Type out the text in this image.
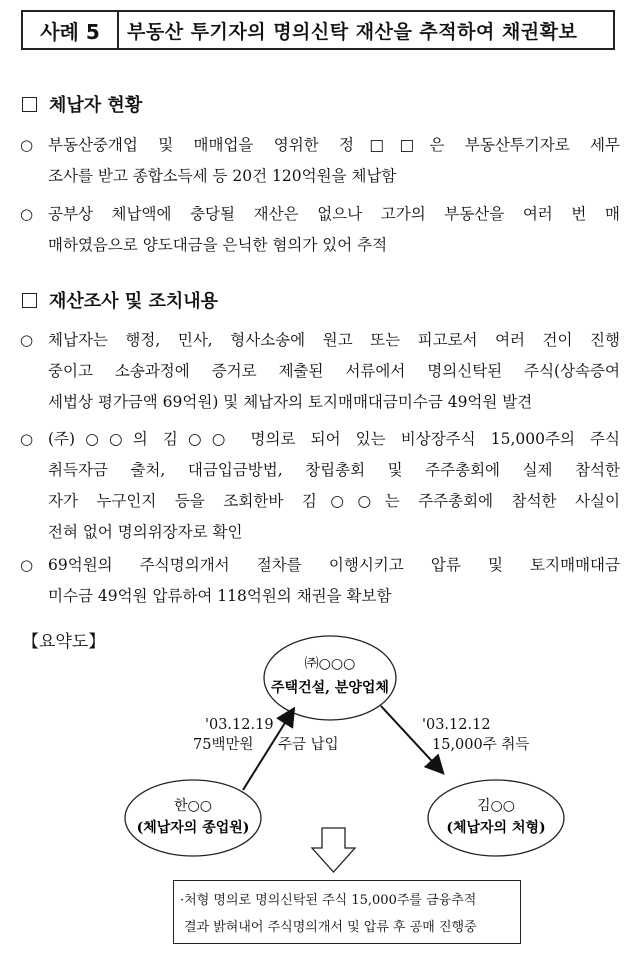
사례 5	부동산 투기자의 명의신탁 재산을 추적하여 채권확보
체납자 현황
○ 부동산중개업 및 매매업을 영위한 정□□은 부동산투기자로 세무
조사를 받고 종합소득세 등 20건 120억원을 체납함
○ 공부상 체납액에 충당될 재산은 없으나 고가의 부동산을 여러 번 매
매하였음으로 양도대금을 은닉한 혐의가 있어 추적
재산조사 및 조치내용
○ 체납자는 행정, 민사, 형사소송에 원고 또는 피고로서 여러 건이 진행
중이고 소송과정에 증거로 제출된 서류에서 명의신탁된 주식(상속증여
세법상 평가금액 69억원) 및 체납자의 토지매매대금미수금 49억원 발견
○ (주)○○의 김○○ 명의로 되어 있는 비상장주식 15,000주의 주식
취득자금 출처, 대금입금방법, 창립총회 및 주주총회에 실제 참석한
자가 누구인지 등을 조회한바 김○○는 주주총회에 참석한 사실이
전혀 없어 명의위장자로 확인
○ 69억원의 주식명의개서 절차를 이행시키고 압류 및 토지매매대금
미수금 49억원 압류하여 118억원의 채권을 확보함
【요약도】
㈜○○○
주택건설, 분양업체
한○○
(체납자의 종업원)
김○○
(체납자의 처형)
'03.12.19
75백만원 주금 납입
'03.12.12
15,000주 취득
·처형 명의로 명의신탁된 주식 15,000주를 금융추적
결과 밝혀내어 주식명의개서 및 압류 후 공매 진행중
